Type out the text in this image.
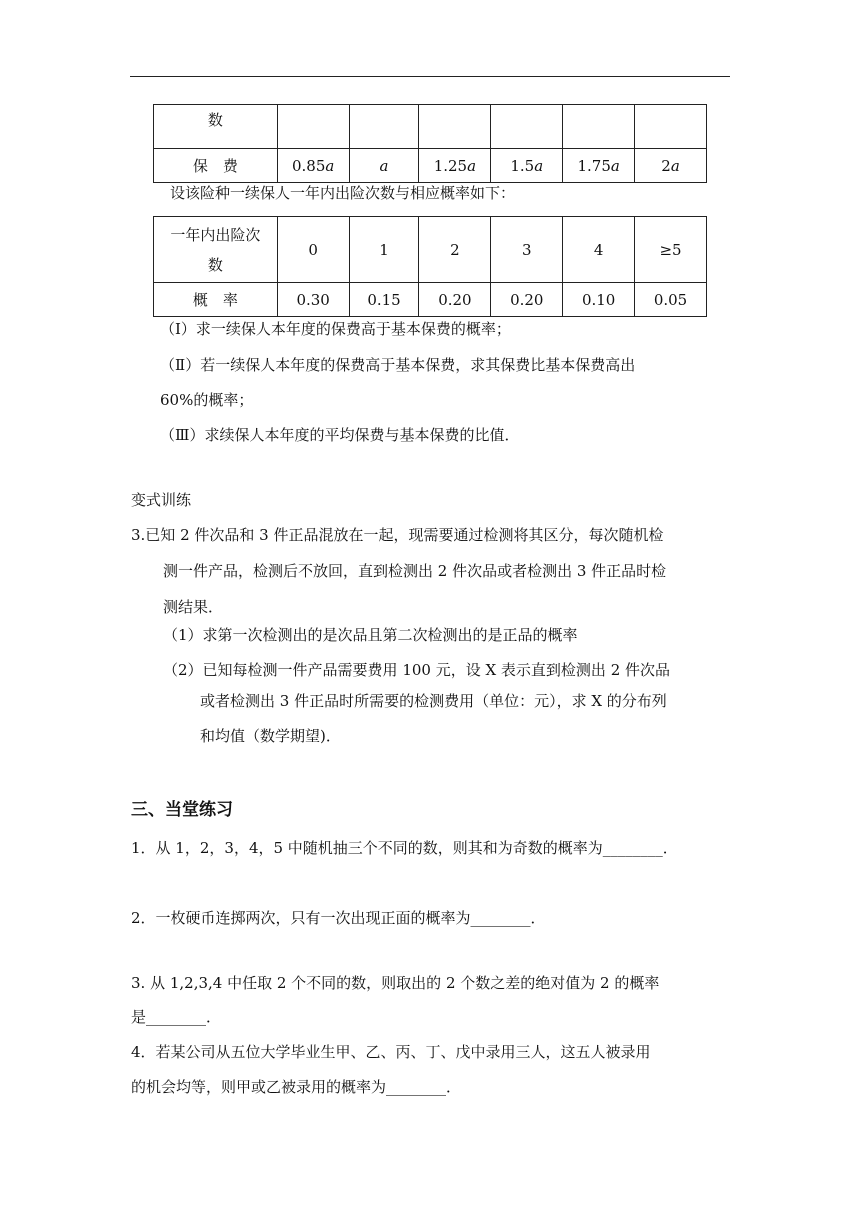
数						
保　费	0.85a	a	1.25a	1.5a	1.75a	2a
设该险种一续保人一年内出险次数与相应概率如下：
一年内出险次
数	0	1	2	3	4	≥5
概　率	0.30	0.15	0.20	0.20	0.10	0.05
（Ⅰ）求一续保人本年度的保费高于基本保费的概率；
（Ⅱ）若一续保人本年度的保费高于基本保费，求其保费比基本保费高出
60%的概率；
（Ⅲ）求续保人本年度的平均保费与基本保费的比值．
变式训练
3.已知 2 件次品和 3 件正品混放在一起，现需要通过检测将其区分，每次随机检
测一件产品，检测后不放回，直到检测出 2 件次品或者检测出 3 件正品时检
测结果．
（1）求第一次检测出的是次品且第二次检测出的是正品的概率
（2）已知每检测一件产品需要费用 100 元，设 X 表示直到检测出 2 件次品
或者检测出 3 件正品时所需要的检测费用（单位：元），求 X 的分布列
和均值（数学期望)．
三、当堂练习
1．从 1，2，3，4，5 中随机抽三个不同的数，则其和为奇数的概率为________．
2．一枚硬币连掷两次，只有一次出现正面的概率为________．
3. 从 1,2,3,4 中任取 2 个不同的数，则取出的 2 个数之差的绝对值为 2 的概率
是________．
4．若某公司从五位大学毕业生甲、乙、丙、丁、戊中录用三人，这五人被录用
的机会均等，则甲或乙被录用的概率为________．
